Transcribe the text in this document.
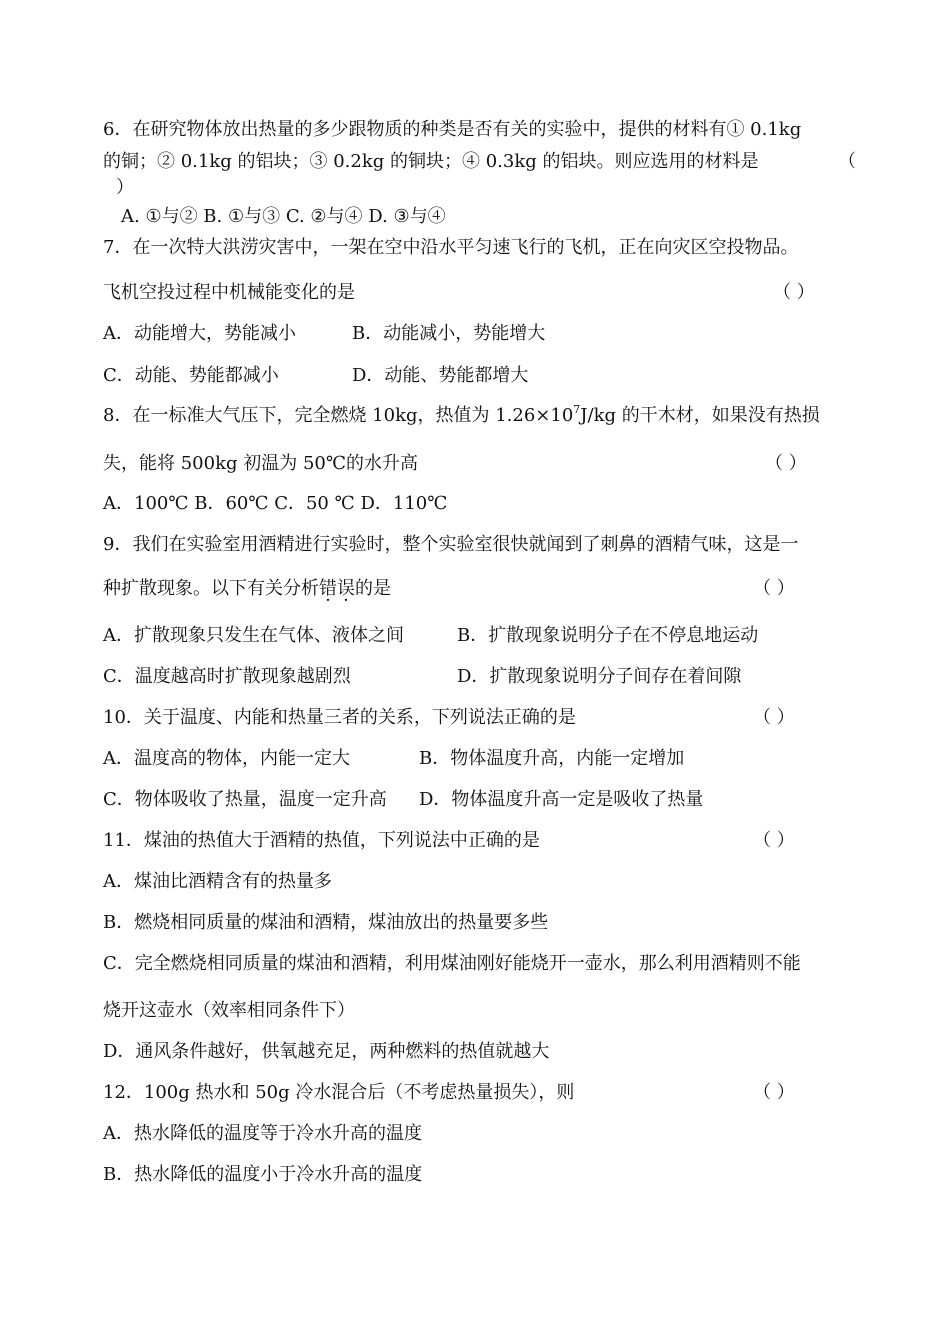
6．在研究物体放出热量的多少跟物质的种类是否有关的实验中，提供的材料有① 0.1kg
的铜；② 0.1kg 的铝块；③ 0.2kg 的铜块；④ 0.3kg 的铝块。则应选用的材料是	（
）
A. ①与② B. ①与③ C. ②与④ D. ③与④
7．在一次特大洪涝灾害中，一架在空中沿水平匀速飞行的飞机，正在向灾区空投物品。
飞机空投过程中机械能变化的是	（ ）
A．动能增大，势能减小	B．动能减小，势能增大
C．动能、势能都减小	D．动能、势能都增大
8．在一标准大气压下，完全燃烧 10kg，热值为 $1.26\times 10^7J/kg$ 的干木材，如果没有热损
失，能将 500kg 初温为 50℃的水升高	（ ）
A．100℃ B．60℃ C．50 ℃ D．110℃
9．我们在实验室用酒精进行实验时，整个实验室很快就闻到了刺鼻的酒精气味，这是一
种扩散现象。以下有关分析错误的是	（ ）
A．扩散现象只发生在气体、液体之间	B．扩散现象说明分子在不停息地运动
C．温度越高时扩散现象越剧烈	D．扩散现象说明分子间存在着间隙
10．关于温度、内能和热量三者的关系，下列说法正确的是	（ ）
A．温度高的物体，内能一定大	B．物体温度升高，内能一定增加
C．物体吸收了热量，温度一定升高 D．物体温度升高一定是吸收了热量
11．煤油的热值大于酒精的热值，下列说法中正确的是	（ ）
A．煤油比酒精含有的热量多
B．燃烧相同质量的煤油和酒精，煤油放出的热量要多些
C．完全燃烧相同质量的煤油和酒精，利用煤油刚好能烧开一壶水，那么利用酒精则不能
烧开这壶水（效率相同条件下）
D．通风条件越好，供氧越充足，两种燃料的热值就越大
12．100g 热水和 50g 冷水混合后（不考虑热量损失），则	（ ）
A．热水降低的温度等于冷水升高的温度
B．热水降低的温度小于冷水升高的温度
